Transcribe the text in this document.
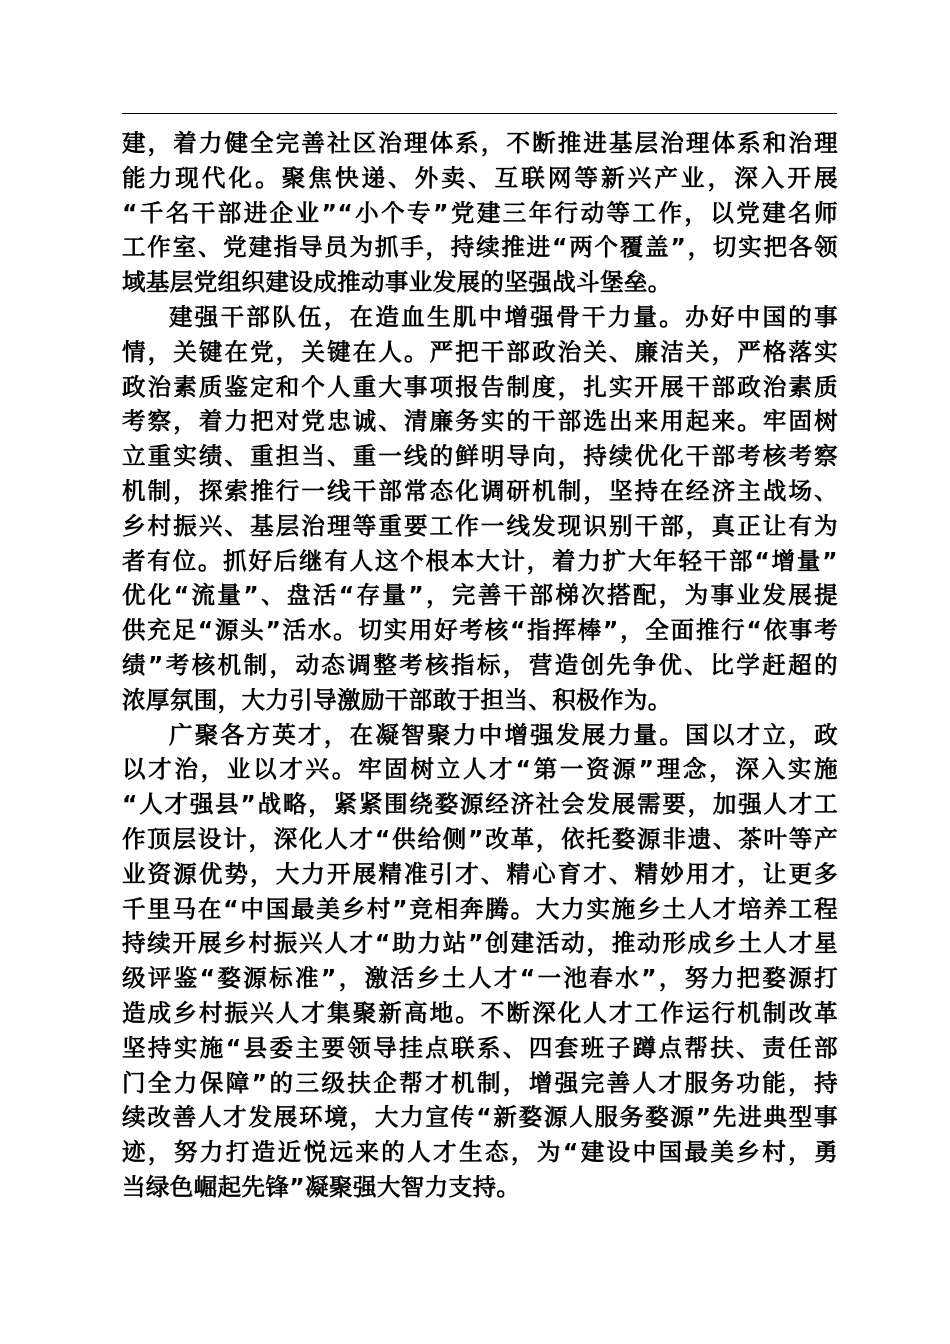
建，着力健全完善社区治理体系，不断推进基层治理体系和治理
能力现代化。聚焦快递、外卖、互联网等新兴产业，深入开展
“千名干部进企业”“小个专”党建三年行动等工作，以党建名师
工作室、党建指导员为抓手，持续推进“两个覆盖”，切实把各领
域基层党组织建设成推动事业发展的坚强战斗堡垒。
建强干部队伍，在造血生肌中增强骨干力量。办好中国的事
情，关键在党，关键在人。严把干部政治关、廉洁关，严格落实
政治素质鉴定和个人重大事项报告制度，扎实开展干部政治素质
考察，着力把对党忠诚、清廉务实的干部选出来用起来。牢固树
立重实绩、重担当、重一线的鲜明导向，持续优化干部考核考察
机制，探索推行一线干部常态化调研机制，坚持在经济主战场、
乡村振兴、基层治理等重要工作一线发现识别干部，真正让有为
者有位。抓好后继有人这个根本大计，着力扩大年轻干部“增量”
优化“流量”、盘活“存量”，完善干部梯次搭配，为事业发展提
供充足“源头”活水。切实用好考核“指挥棒”，全面推行“依事考
绩”考核机制，动态调整考核指标，营造创先争优、比学赶超的
浓厚氛围，大力引导激励干部敢于担当、积极作为。
广聚各方英才，在凝智聚力中增强发展力量。国以才立，政
以才治，业以才兴。牢固树立人才“第一资源”理念，深入实施
“人才强县”战略，紧紧围绕婺源经济社会发展需要，加强人才工
作顶层设计，深化人才“供给侧”改革，依托婺源非遗、茶叶等产
业资源优势，大力开展精准引才、精心育才、精妙用才，让更多
千里马在“中国最美乡村”竞相奔腾。大力实施乡土人才培养工程
持续开展乡村振兴人才“助力站”创建活动，推动形成乡土人才星
级评鉴“婺源标准”，激活乡土人才“一池春水”，努力把婺源打
造成乡村振兴人才集聚新高地。不断深化人才工作运行机制改革
坚持实施“县委主要领导挂点联系、四套班子蹲点帮扶、责任部
门全力保障”的三级扶企帮才机制，增强完善人才服务功能，持
续改善人才发展环境，大力宣传“新婺源人服务婺源”先进典型事
迹，努力打造近悦远来的人才生态，为“建设中国最美乡村，勇
当绿色崛起先锋”凝聚强大智力支持。
